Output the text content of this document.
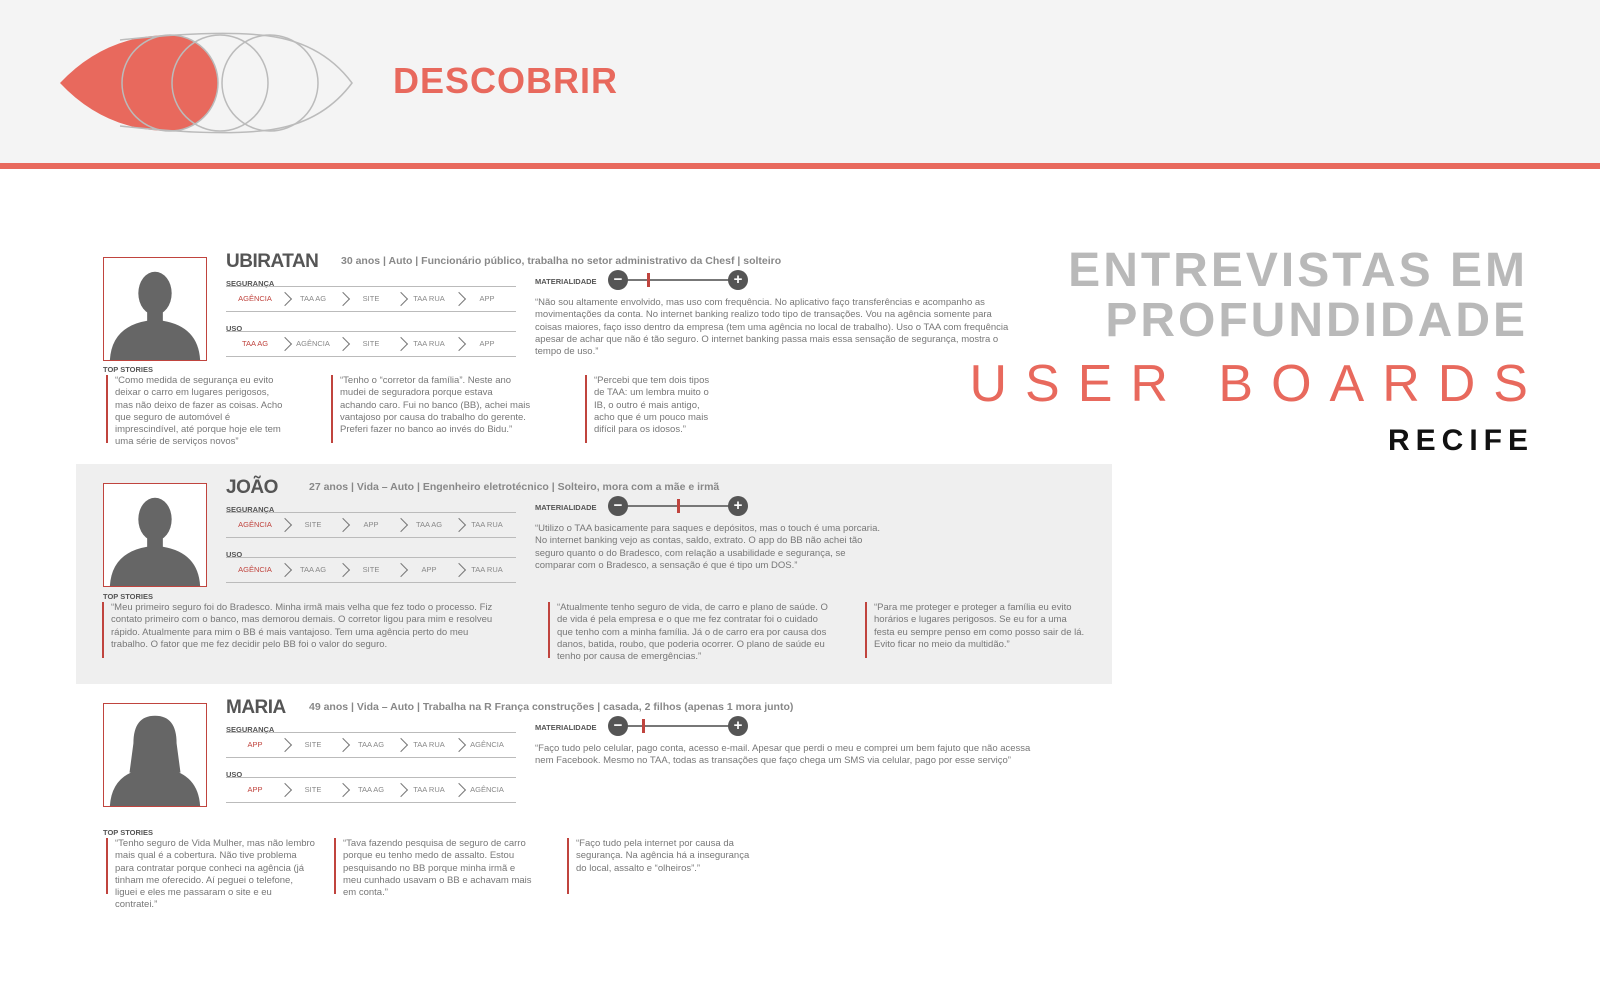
DESCOBRIR

ENTREVISTAS EM

PROFUNDIDADE

USER BOARDS

RECIFE

UBIRATAN 30 anos | Auto | Funcionário público, trabalha no setor administrativo da Chesf | solteiro
SEGURANÇA
AGÊNCIA	TAA AG	SITE	TAA RUA	APP
USO
TAA AG	AGÊNCIA	SITE	TAA RUA	APP
MATERIALIDADE	−	+
“Não sou altamente envolvido, mas uso com frequência. No aplicativo faço transferências e acompanho as movimentações da conta. No internet banking realizo todo tipo de transações. Vou na agência somente para coisas maiores, faço isso dentro da empresa (tem uma agência no local de trabalho). Uso o TAA com frequência apesar de achar que não é tão seguro. O internet banking passa mais essa sensação de segurança, mostra o tempo de uso.”
TOP STORIES
“Como medida de segurança eu evito deixar o carro em lugares perigosos, mas não deixo de fazer as coisas. Acho que seguro de automóvel é imprescindível, até porque hoje ele tem uma série de serviços novos”
“Tenho o “corretor da família”. Neste ano mudei de seguradora porque estava achando caro. Fui no banco (BB), achei mais vantajoso por causa do trabalho do gerente. Preferi fazer no banco ao invés do Bidu.”
“Percebi que tem dois tipos de TAA: um lembra muito o IB, o outro é mais antigo, acho que é um pouco mais difícil para os idosos.”
JOÃO	27 anos | Vida – Auto | Engenheiro eletrotécnico | Solteiro, mora com a mãe e irmã
SEGURANÇA
AGÊNCIA	SITE	APP	TAA AG	TAA RUA
USO
AGÊNCIA	TAA AG	SITE	APP	TAA RUA
MATERIALIDADE	−	+
“Utilizo o TAA basicamente para saques e depósitos, mas o touch é uma porcaria. No internet banking vejo as contas, saldo, extrato. O app do BB não achei tão seguro quanto o do Bradesco, com relação a usabilidade e segurança, se comparar com o Bradesco, a sensação é que é tipo um DOS.”
TOP STORIES
“Meu primeiro seguro foi do Bradesco. Minha irmã mais velha que fez todo o processo. Fiz contato primeiro com o banco, mas demorou demais. O corretor ligou para mim e resolveu rápido. Atualmente para mim o BB é mais vantajoso. Tem uma agência perto do meu trabalho. O fator que me fez decidir pelo BB foi o valor do seguro.
“Atualmente tenho seguro de vida, de carro e plano de saúde. O de vida é pela empresa e o que me fez contratar foi o cuidado que tenho com a minha família. Já o de carro era por causa dos danos, batida, roubo, que poderia ocorrer. O plano de saúde eu tenho por causa de emergências.”
“Para me proteger e proteger a família eu evito horários e lugares perigosos. Se eu for a uma festa eu sempre penso em como posso sair de lá. Evito ficar no meio da multidão.”
MARIA 49 anos | Vida – Auto | Trabalha na R França construções | casada, 2 filhos (apenas 1 mora junto)
SEGURANÇA
APP	SITE	TAA AG	TAA RUA	AGÊNCIA
USO
APP	SITE	TAA AG	TAA RUA	AGÊNCIA
MATERIALIDADE	−	+
“Faço tudo pelo celular, pago conta, acesso e-mail. Apesar que perdi o meu e comprei um bem fajuto que não acessa nem Facebook. Mesmo no TAA, todas as transações que faço chega um SMS via celular, pago por esse serviço”
TOP STORIES
“Tenho seguro de Vida Mulher, mas não lembro mais qual é a cobertura. Não tive problema para contratar porque conheci na agência (já tinham me oferecido. Aí peguei o telefone, liguei e eles me passaram o site e eu contratei.”
“Tava fazendo pesquisa de seguro de carro porque eu tenho medo de assalto. Estou pesquisando no BB porque minha irmã e meu cunhado usavam o BB e achavam mais em conta.”
“Faço tudo pela internet por causa da segurança. Na agência há a insegurança do local, assalto e “olheiros”.”
